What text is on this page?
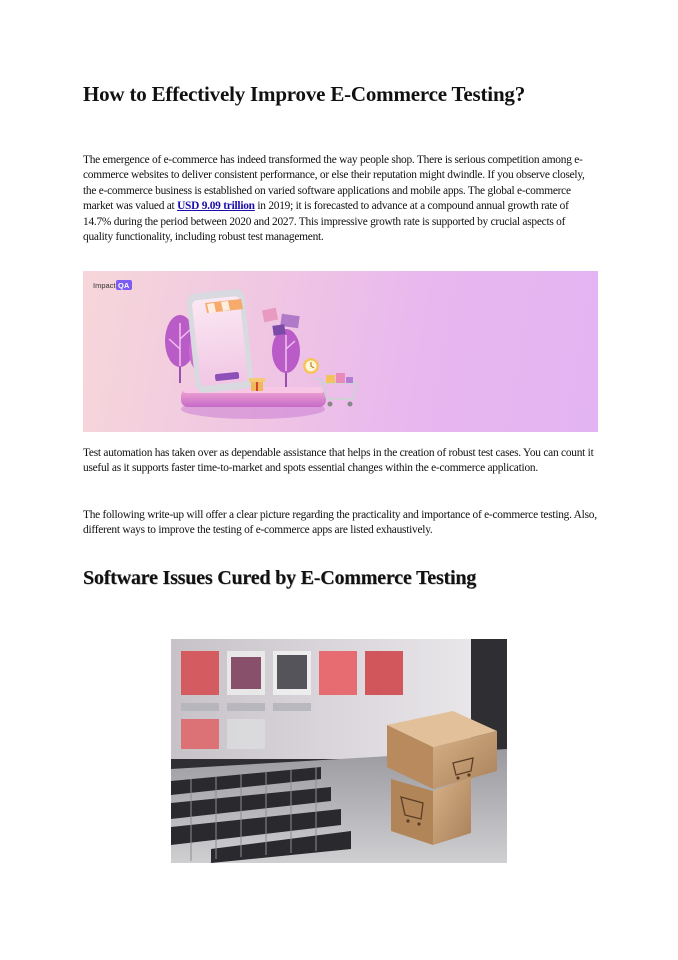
How to Effectively Improve E-Commerce Testing?

The emergence of e-commerce has indeed transformed the way people shop. There is serious competition among e-commerce websites to deliver consistent performance, or else their reputation might dwindle. If you observe closely, the e-commerce business is established on varied software applications and mobile apps. The global e-commerce market was valued at USD 9.09 trillion in 2019; it is forecasted to advance at a compound annual growth rate of 14.7% during the period between 2020 and 2027. This impressive growth rate is supported by crucial aspects of quality functionality, including robust test management.

Impact QA

Test automation has taken over as dependable assistance that helps in the creation of robust test cases. You can count it useful as it supports faster time-to-market and spots essential changes within the e-commerce application.

The following write-up will offer a clear picture regarding the practicality and importance of e-commerce testing. Also, different ways to improve the testing of e-commerce apps are listed exhaustively.

Software Issues Cured by E-Commerce Testing
